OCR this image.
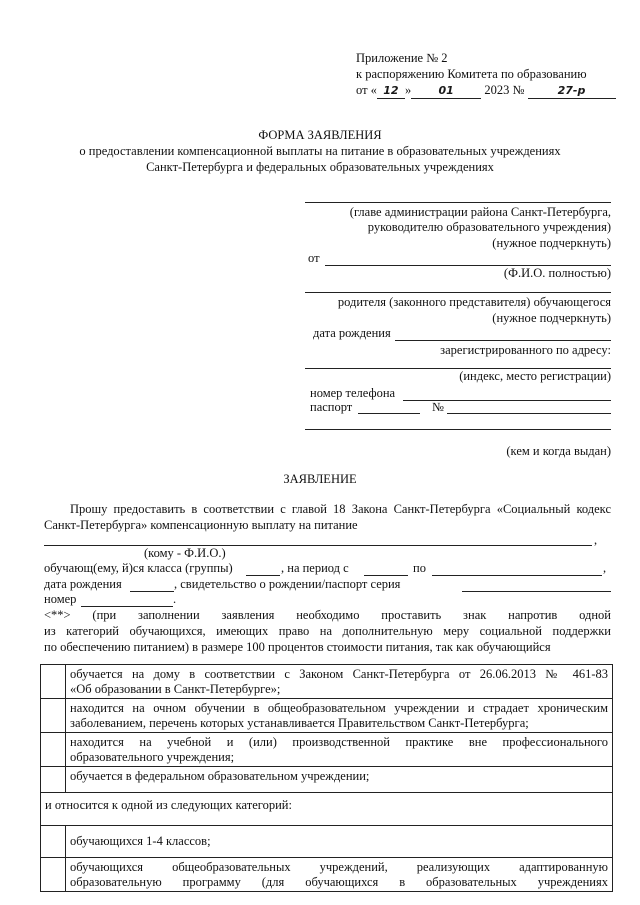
Приложение № 2
к распоряжению Комитета по образованию
от « 12 » 01 2023 №	27-р
ФОРМА ЗАЯВЛЕНИЯ
о предоставлении компенсационной выплаты на питание в образовательных учреждениях
Санкт-Петербурга и федеральных образовательных учреждениях
(главе администрации района Санкт-Петербурга,
руководителю образовательного учреждения)
(нужное подчеркнуть)
от
(Ф.И.О. полностью)
родителя (законного представителя) обучающегося
(нужное подчеркнуть)
дата рождения
зарегистрированного по адресу:
(индекс, место регистрации)
номер телефона
паспорт	№
(кем и когда выдан)
ЗАЯВЛЕНИЕ
Прошу предоставить в соответствии с главой 18 Закона Санкт-Петербурга «Социальный кодекс
Санкт-Петербурга» компенсационную выплату на питание
,
(кому - Ф.И.О.)
обучающ(ему, й)ся класса (группы)	, на период с	по	,
дата рождения	, свидетельство о рождении/паспорт серия
номер	.
<**> (при заполнении заявления необходимо проставить знак напротив одной
из категорий обучающихся, имеющих право на дополнительную меру социальной поддержки
по обеспечению питанием) в размере 100 процентов стоимости питания, так как обучающийся

	обучается на дому в соответствии с Законом Санкт-Петербурга от 26.06.2013 № 461-83
«Об образовании в Санкт-Петербурге»;

	находится на очном обучении в общеобразовательном учреждении и страдает хроническим
заболеванием, перечень которых устанавливается Правительством Санкт-Петербурга;

	находится на учебной и (или) производственной практике вне профессионального
образовательного учреждения;

	обучается в федеральном образовательном учреждении;

и относится к одной из следующих категорий:	

	обучающихся 1-4 классов;

	обучающихся общеобразовательных учреждений, реализующих адаптированную
образовательную программу (для обучающихся в образовательных учреждениях
